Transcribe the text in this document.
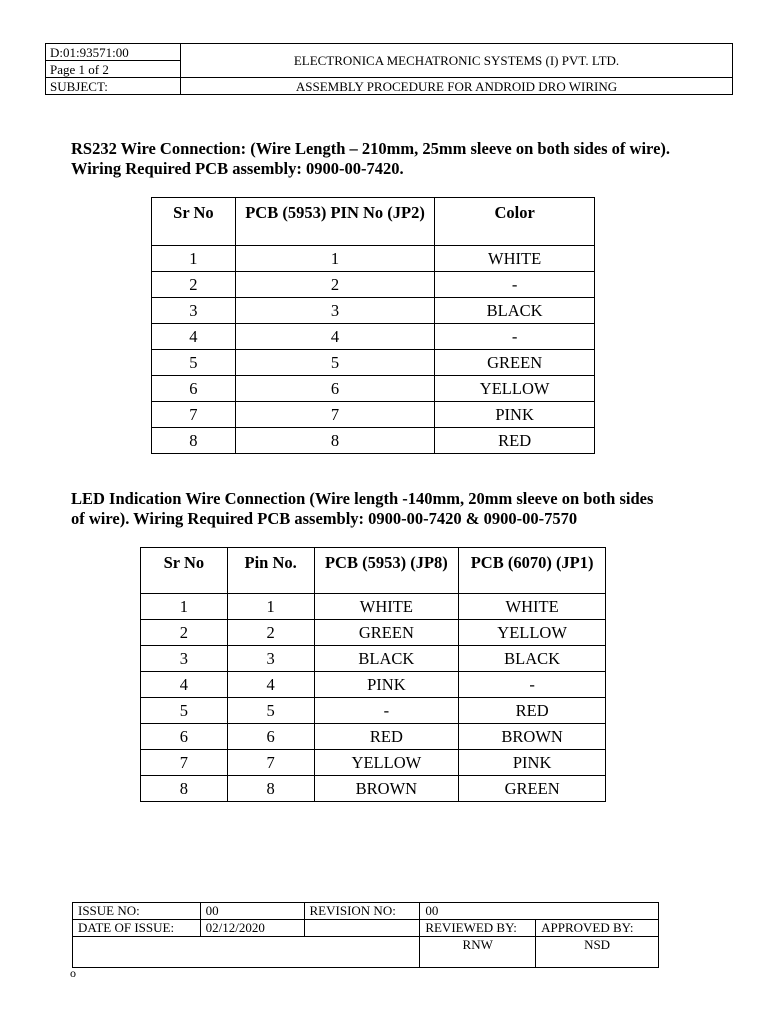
D:01:93571:00	ELECTRONICA MECHATRONIC SYSTEMS (I) PVT. LTD.
Page 1 of 2	
SUBJECT:	ASSEMBLY PROCEDURE FOR ANDROID DRO WIRING

RS232 Wire Connection: (Wire Length – 210mm, 25mm sleeve on both sides of wire). Wiring Required PCB assembly: 0900-00-7420.

Sr No	PCB (5953) PIN No (JP2)	Color
1	1	WHITE
2	2	-
3	3	BLACK
4	4	-
5	5	GREEN
6	6	YELLOW
7	7	PINK
8	8	RED

LED Indication Wire Connection (Wire length -140mm, 20mm sleeve on both sides of wire). Wiring Required PCB assembly: 0900-00-7420 & 0900-00-7570

Sr No	Pin No.	PCB (5953) (JP8)	PCB (6070) (JP1)
1	1	WHITE	WHITE
2	2	GREEN	YELLOW
3	3	BLACK	BLACK
4	4	PINK	-
5	5	-	RED
6	6	RED	BROWN
7	7	YELLOW	PINK
8	8	BROWN	GREEN
ISSUE NO:	00	REVISION NO:	00	
DATE OF ISSUE:	02/12/2020		REVIEWED BY:	APPROVED BY:
			RNW	NSD
o
